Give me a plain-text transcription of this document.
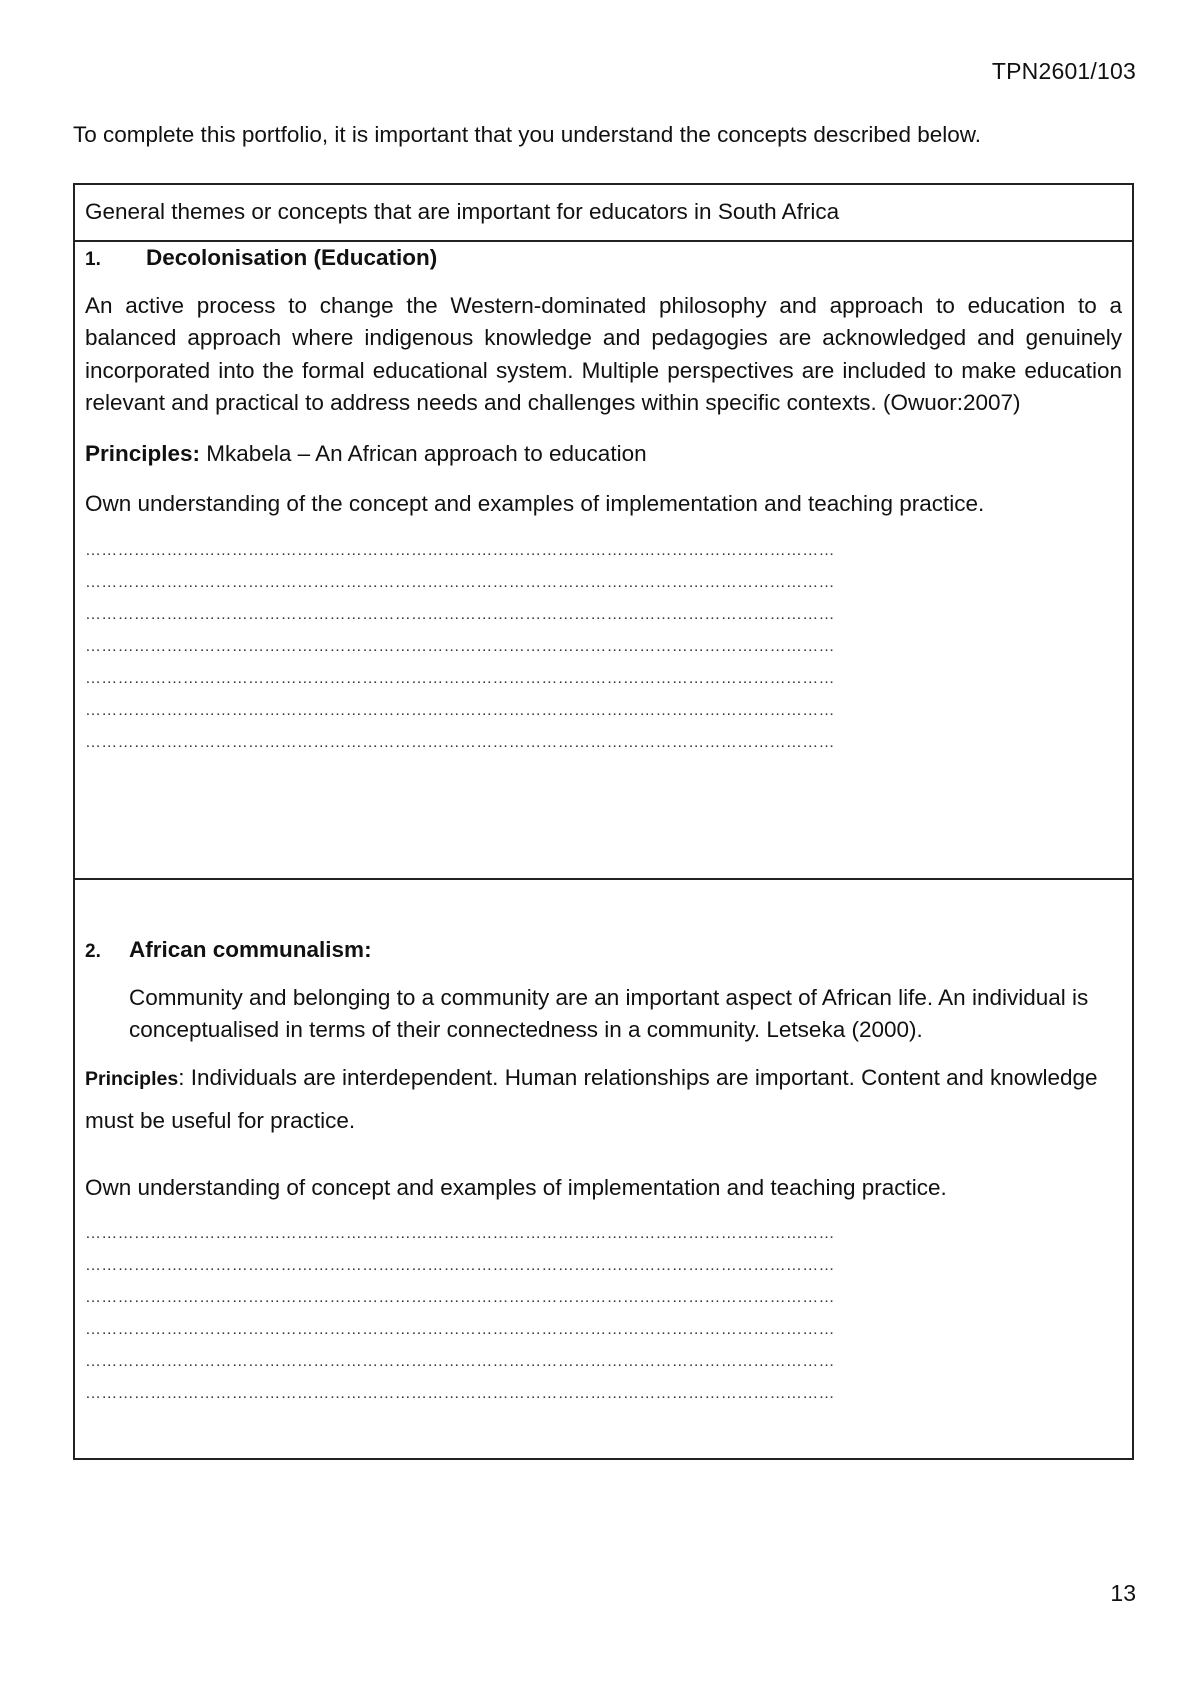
TPN2601/103

To complete this portfolio, it is important that you understand the concepts described below.

General themes or concepts that are important for educators in South Africa
1.	Decolonisation (Education)

An active process to change the Western-dominated philosophy and approach to education to a balanced approach where indigenous knowledge and pedagogies are acknowledged and genuinely incorporated into the formal educational system. Multiple perspectives are included to make education relevant and practical to address needs and challenges within specific contexts. (Owuor:2007)

Principles: Mkabela – An African approach to education

Own understanding of the concept and examples of implementation and teaching practice.

…………………………………………………………………………………………………………………………
…………………………………………………………………………………………………………………………
…………………………………………………………………………………………………………………………
…………………………………………………………………………………………………………………………
…………………………………………………………………………………………………………………………
…………………………………………………………………………………………………………………………
…………………………………………………………………………………………………………………………
2.	African communalism:

Community and belonging to a community are an important aspect of African life. An individual is conceptualised in terms of their connectedness in a community. Letseka (2000).

Principles: Individuals are interdependent. Human relationships are important. Content and knowledge must be useful for practice.

Own understanding of concept and examples of implementation and teaching practice.

…………………………………………………………………………………………………………………………
…………………………………………………………………………………………………………………………
…………………………………………………………………………………………………………………………
…………………………………………………………………………………………………………………………
…………………………………………………………………………………………………………………………
…………………………………………………………………………………………………………………………
13
